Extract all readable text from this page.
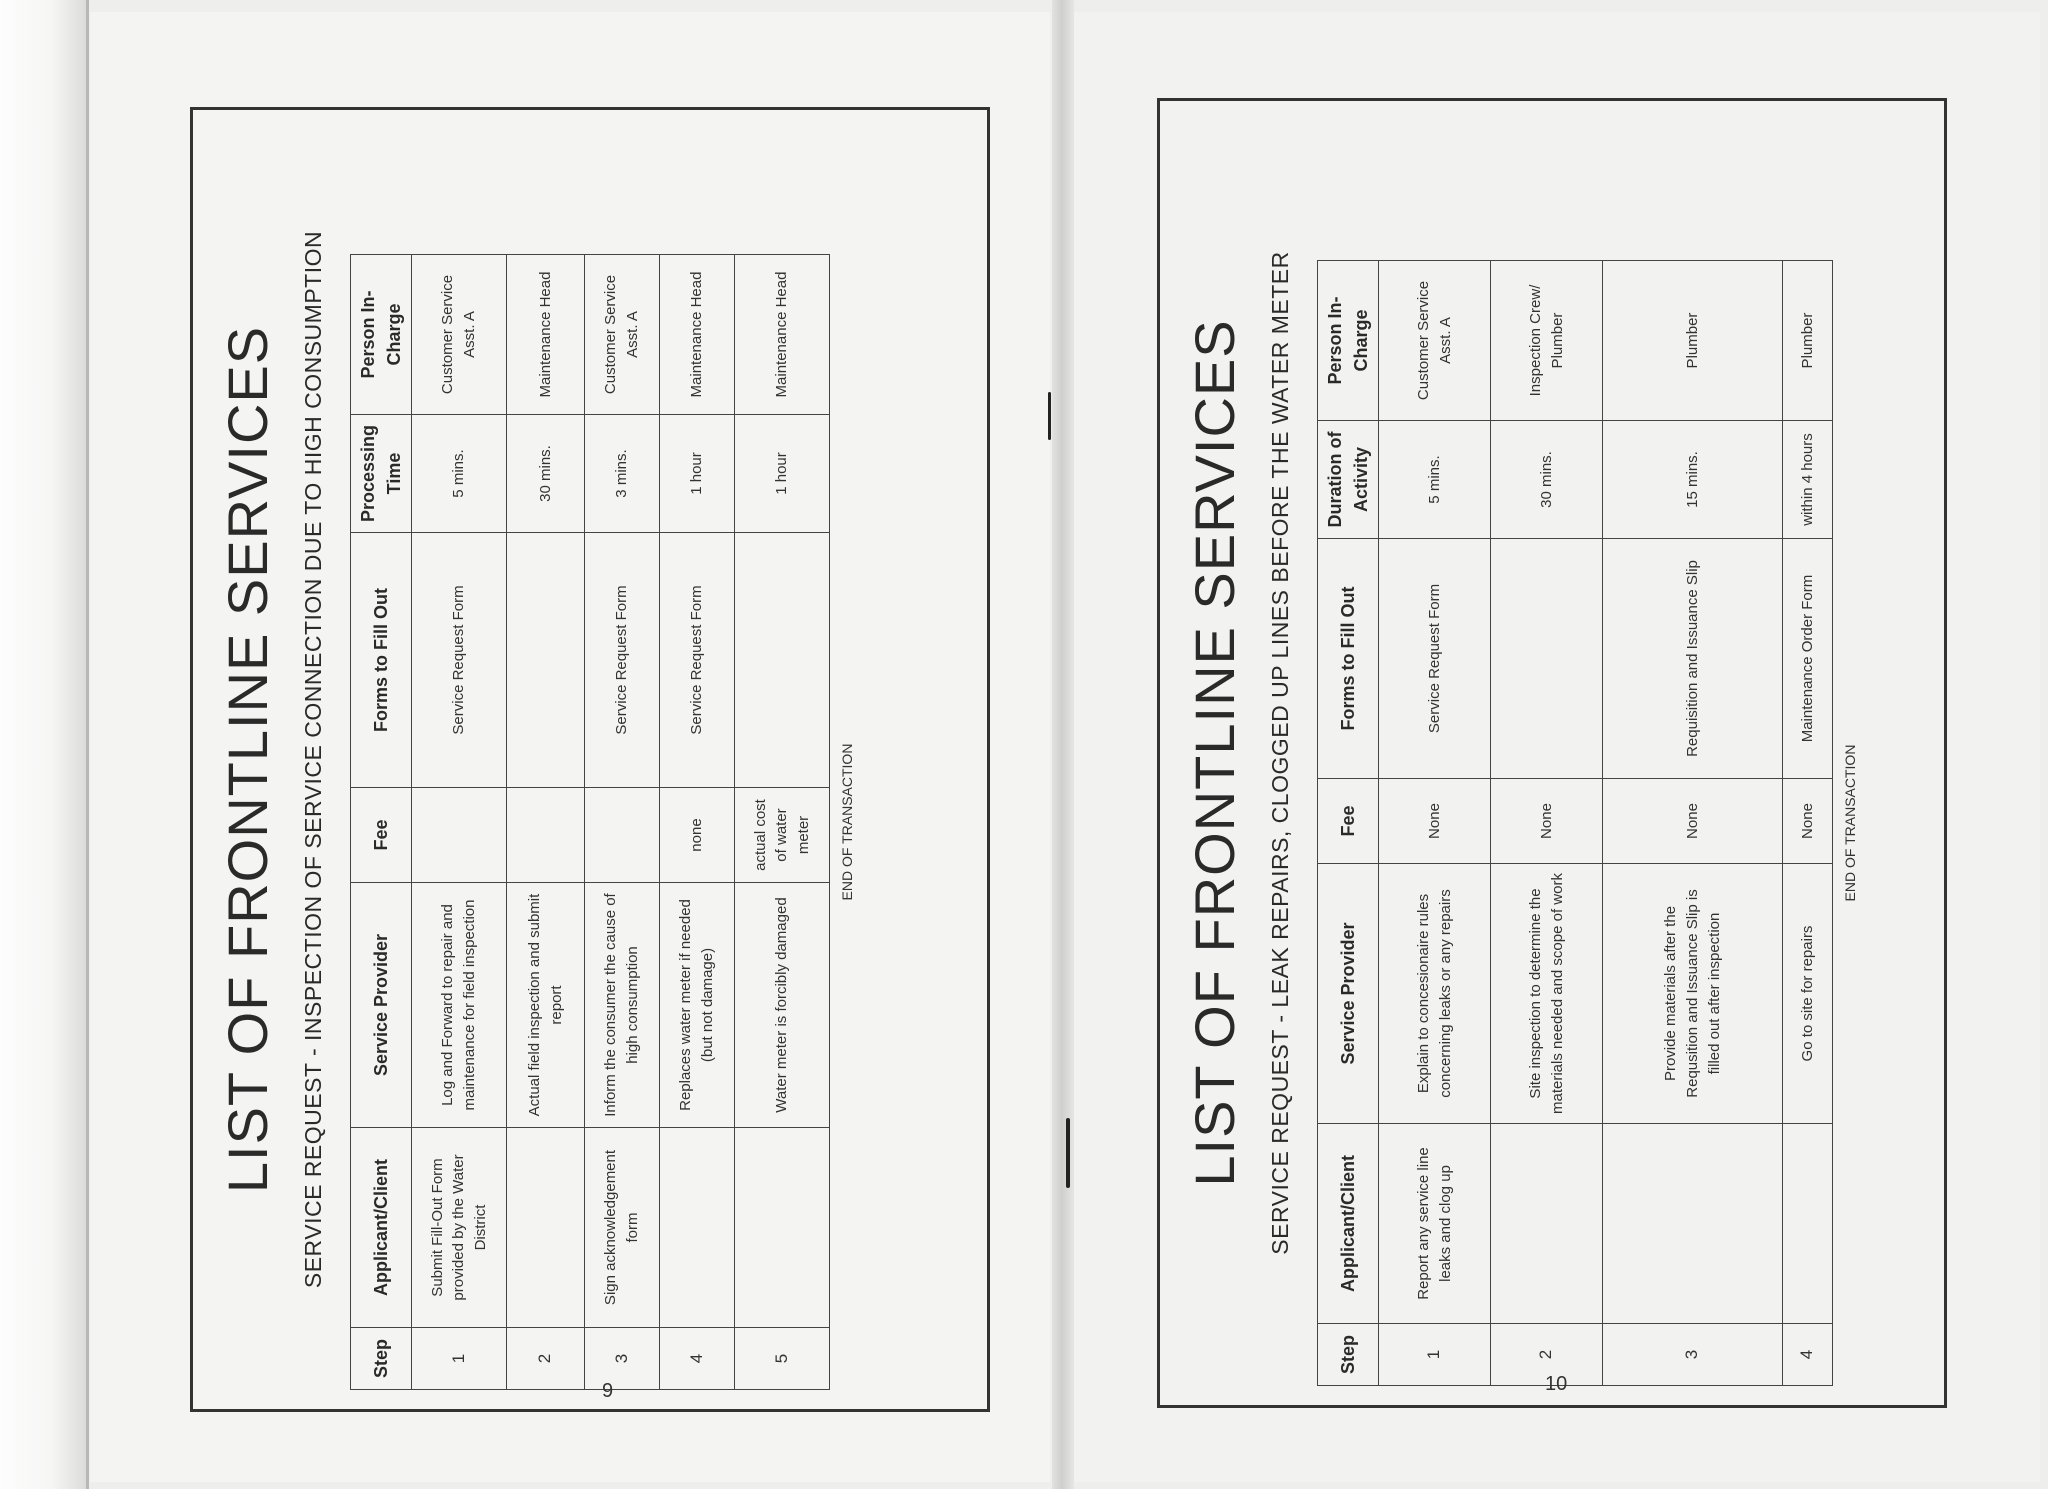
LIST OF FRONTLINE SERVICES SERVICE REQUEST - INSPECTION OF SERVICE CONNECTION DUE TO HIGH CONSUMPTION
Step	Applicant/Client	Service Provider	Fee	Forms to Fill Out	Processing Time	Person In-Charge
1	Submit Fill-Out Form provided by the Water District	Log and Forward to repair and maintenance for field inspection		Service Request Form	5 mins.	Customer Service Asst. A
2		Actual field inspection and submit report			30 mins.	Maintenance Head
3	Sign acknowledgement form	Inform the consumer the cause of high consumption		Service Request Form	3 mins.	Customer Service Asst. A
4		Replaces water meter if needed (but not damage)	none	Service Request Form	1 hour	Maintenance Head
5		Water meter is forcibly damaged	actual cost of water meter		1 hour	Maintenance Head
END OF TRANSACTION							LIST OF FRONTLINE SERVICES SERVICE REQUEST - LEAK REPAIRS, CLOGGED UP LINES BEFORE THE WATER METER
Step	Applicant/Client	Service Provider	Fee	Forms to Fill Out	Duration of Activity	Person In-Charge
1	Report any service line leaks and clog up	Explain to concesionaire rules concerning leaks or any repairs	None	Service Request Form	5 mins.	Customer Service Asst. A
2		Site inspection to determine the materials needed and scope of work	None		30 mins.	Inspection Crew/ Plumber
3		Provide materials after the Requsition and Issuance Slip is filled out after inspection	None	Requisition and Issuance Slip	15 mins.	Plumber
4		Go to site for repairs	None	Maintenance Order Form	within 4 hours	Plumber
END OF TRANSACTION						
9	10
